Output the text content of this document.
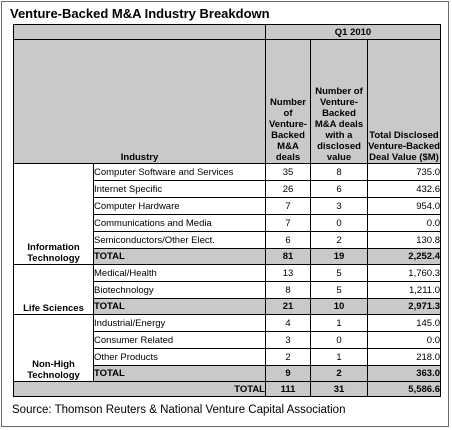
Venture-Backed M&A Industry Breakdown
		Q1 2010		
Industry		Number of Venture-Backed M&A deals	Number of Venture-Backed M&A deals with a disclosed value	Total Disclosed Venture-Backed Deal Value ($M)
Information Technology	Computer Software and Services	35	8	735.0
	Internet Specific	26	6	432.6
	Computer Hardware	7	3	954.0
	Communications and Media	7	0	0.0
	Semiconductors/Other Elect.	6	2	130.8
	TOTAL	81	19	2,252.4
Life Sciences	Medical/Health	13	5	1,760.3
	Biotechnology	8	5	1,211.0
	TOTAL	21	10	2,971.3
Non-High Technology	Industrial/Energy	4	1	145.0
	Consumer Related	3	0	0.0
	Other Products	2	1	218.0
	TOTAL	9	2	363.0
TOTAL		111	31	5,586.6
Source: Thomson Reuters & National Venture Capital Association
